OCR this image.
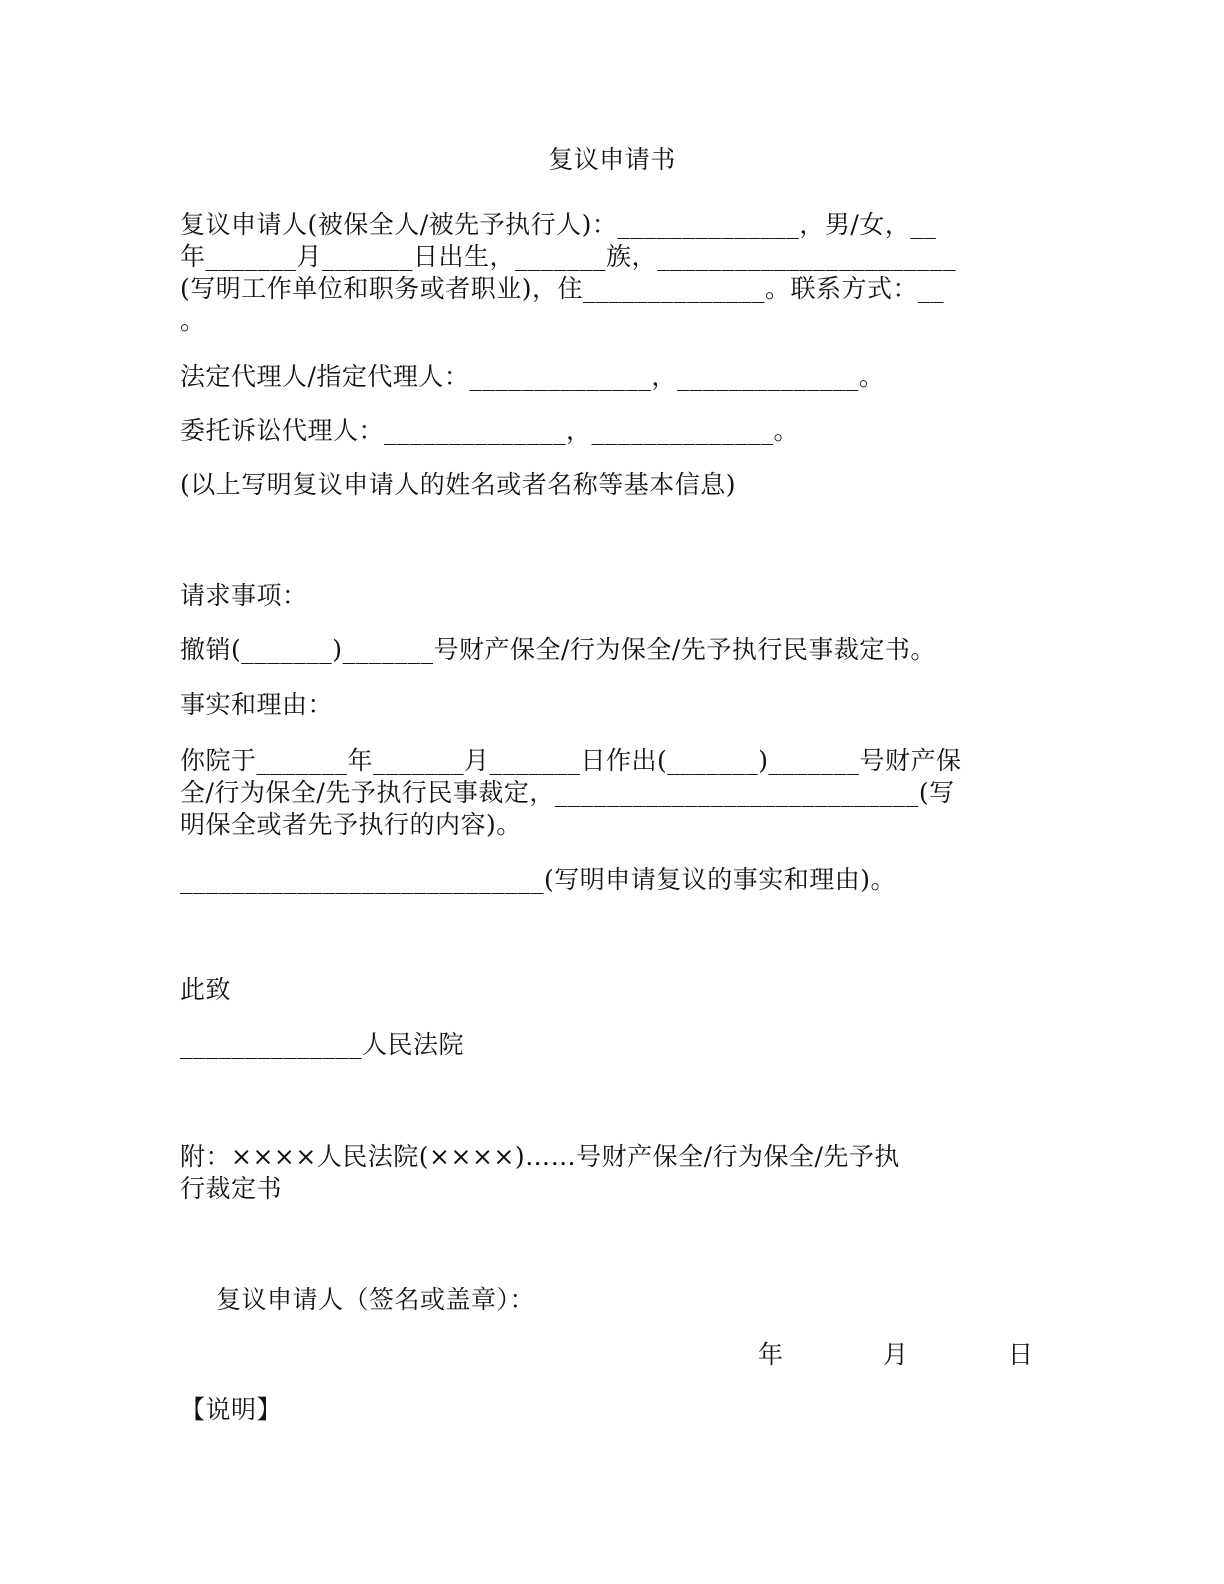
复议申请书
复议申请人(被保全人/被先予执行人)：______________，男/女，__
年_______月_______日出生，_______族，_______________________
(写明工作单位和职务或者职业)，住______________。联系方式：__
。
法定代理人/指定代理人：______________，______________。
委托诉讼代理人：______________，______________。
(以上写明复议申请人的姓名或者名称等基本信息)
请求事项：
撤销(_______)_______号财产保全/行为保全/先予执行民事裁定书。
事实和理由：
你院于_______年_______月_______日作出(_______)_______号财产保
全/行为保全/先予执行民事裁定，____________________________(写
明保全或者先予执行的内容)。
____________________________(写明申请复议的事实和理由)。
此致
______________人民法院
附：××××人民法院(××××)……号财产保全/行为保全/先予执
行裁定书
复议申请人（签名或盖章）：
年	月	日
【说明】
